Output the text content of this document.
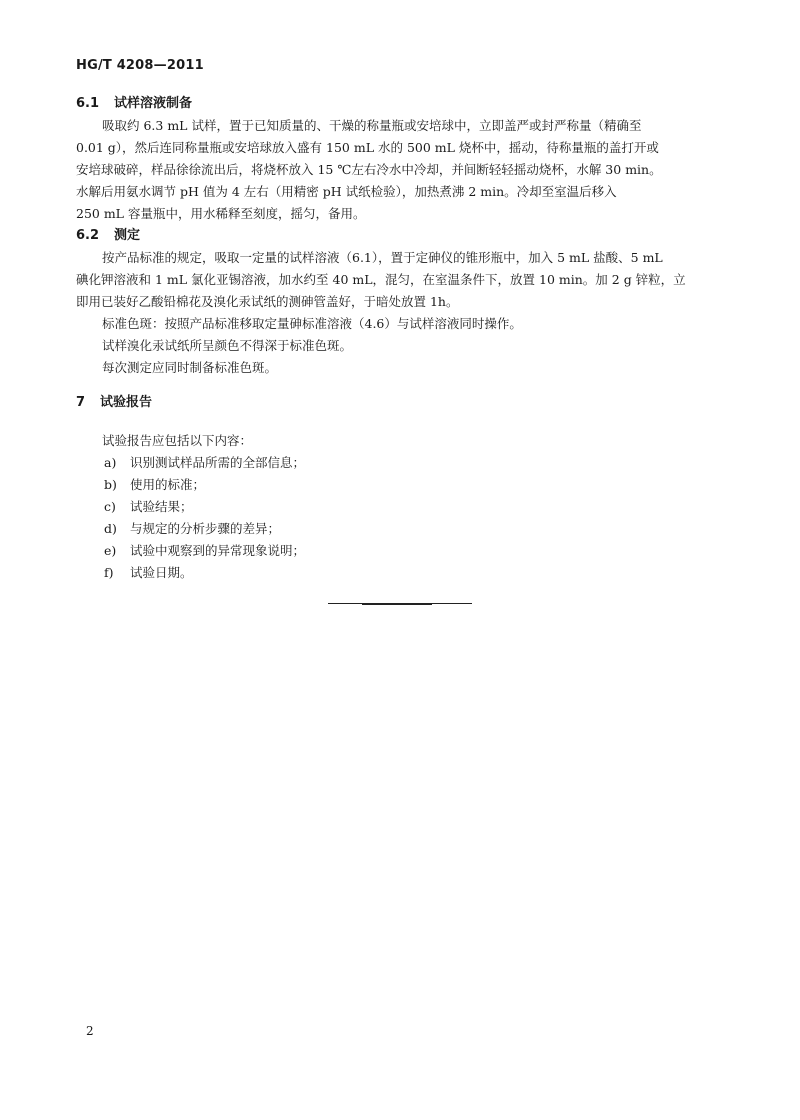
HG/T 4208—2011
6.1 试样溶液制备
吸取约 6.3 mL 试样，置于已知质量的、干燥的称量瓶或安培球中，立即盖严或封严称量（精确至
0.01 g），然后连同称量瓶或安培球放入盛有 150 mL 水的 500 mL 烧杯中，摇动，待称量瓶的盖打开或
安培球破碎，样品徐徐流出后，将烧杯放入 15 ℃左右冷水中冷却，并间断轻轻摇动烧杯，水解 30 min。
水解后用氨水调节 pH 值为 4 左右（用精密 pH 试纸检验），加热煮沸 2 min。冷却至室温后移入
250 mL 容量瓶中，用水稀释至刻度，摇匀，备用。
6.2 测定
按产品标准的规定，吸取一定量的试样溶液（6.1），置于定砷仪的锥形瓶中，加入 5 mL 盐酸、5 mL
碘化钾溶液和 1 mL 氯化亚锡溶液，加水约至 40 mL，混匀，在室温条件下，放置 10 min。加 2 g 锌粒，立
即用已装好乙酸铅棉花及溴化汞试纸的测砷管盖好，于暗处放置 1h。
标准色斑：按照产品标准移取定量砷标准溶液（4.6）与试样溶液同时操作。
试样溴化汞试纸所呈颜色不得深于标准色斑。
每次测定应同时制备标准色斑。
7 试验报告
试验报告应包括以下内容：
a) 识别测试样品所需的全部信息；
b) 使用的标准；
c) 试验结果；
d) 与规定的分析步骤的差异；
e) 试验中观察到的异常现象说明；
f) 试验日期。
2
